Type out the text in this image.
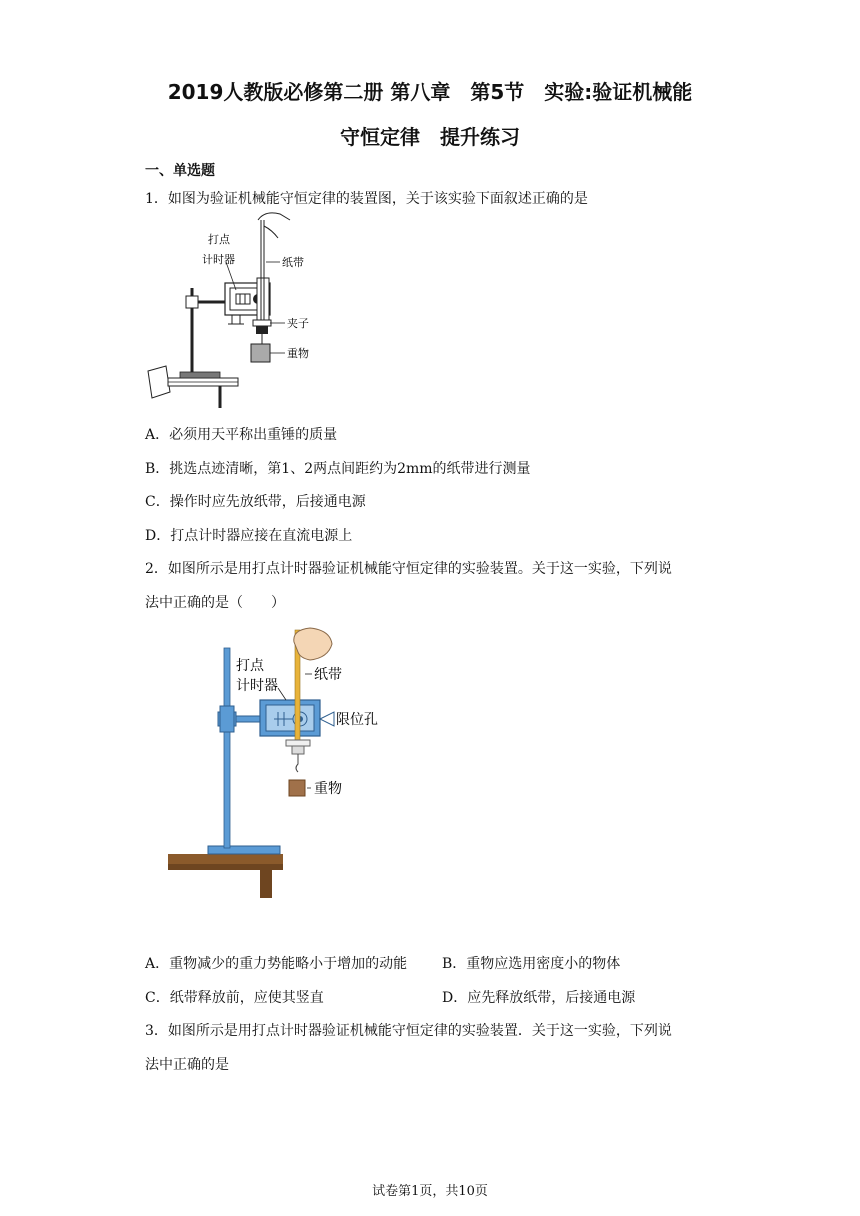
2019人教版必修第二册 第八章　第5节　实验:验证机械能
守恒定律　提升练习
一、单选题
1．如图为验证机械能守恒定律的装置图，关于该实验下面叙述正确的是
打点
计时器	纸带
夹子
重物
A．必须用天平称出重锤的质量
B．挑选点迹清晰，第1、2两点间距约为2mm的纸带进行测量
C．操作时应先放纸带，后接通电源
D．打点计时器应接在直流电源上
2．如图所示是用打点计时器验证机械能守恒定律的实验装置。关于这一实验，下列说
法中正确的是（　　）
打点
计时器
纸带
限位孔
重物
A．重物减少的重力势能略小于增加的动能 B．重物应选用密度小的物体
C．纸带释放前，应使其竖直	D．应先释放纸带，后接通电源
3．如图所示是用打点计时器验证机械能守恒定律的实验装置．关于这一实验，下列说
法中正确的是
试卷第1页，共10页
